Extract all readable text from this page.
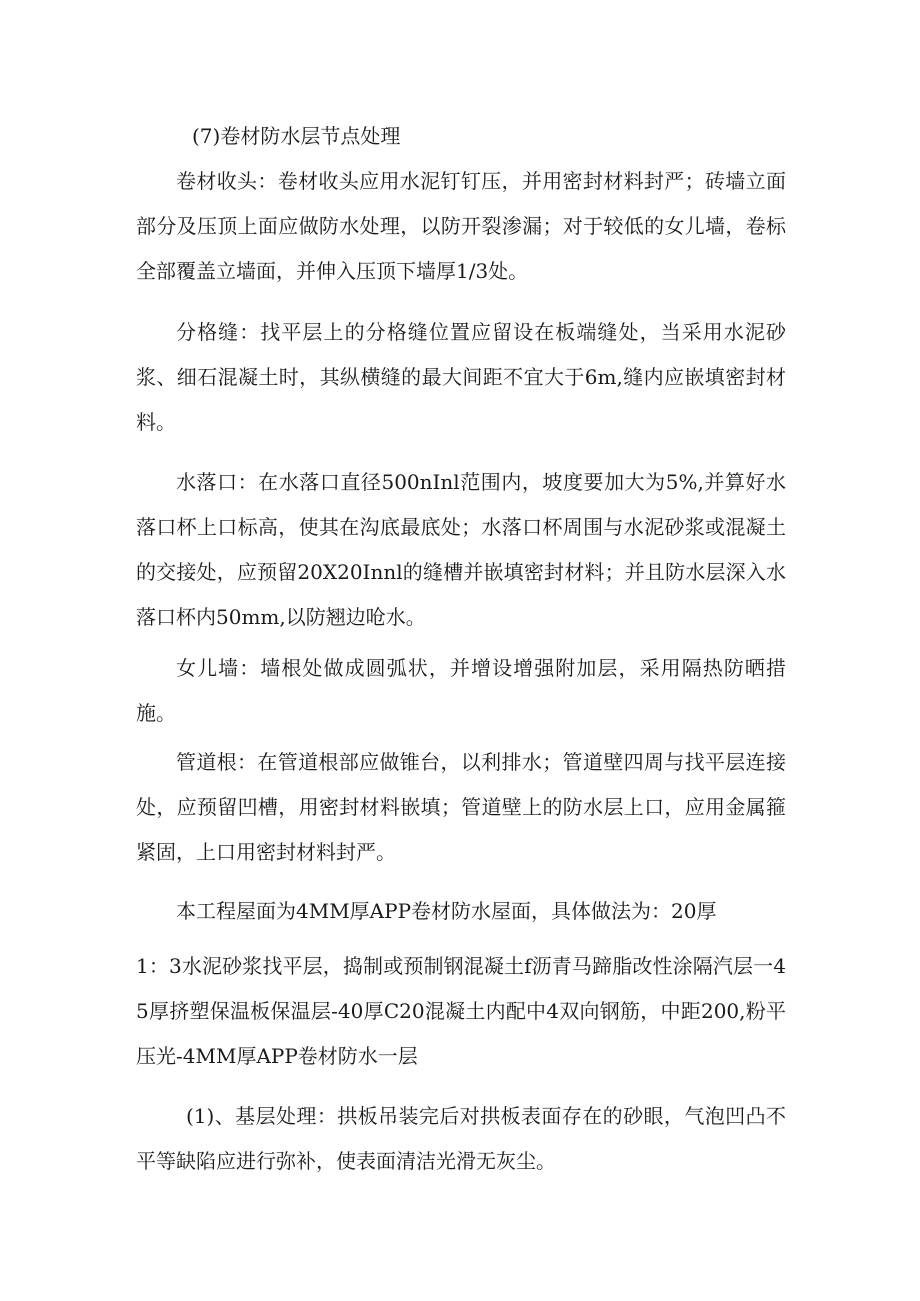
(7)卷材防水层节点处理

卷材收头：卷材收头应用水泥钉钉压，并用密封材料封严；砖墙立面部分及压顶上面应做防水处理，以防开裂渗漏；对于较低的女儿墙，卷标全部覆盖立墙面，并伸入压顶下墙厚1/3处。

分格缝：找平层上的分格缝位置应留设在板端缝处，当采用水泥砂浆、细石混凝土时，其纵横缝的最大间距不宜大于6m,缝内应嵌填密封材料。

水落口：在水落口直径500nInl范围内，坡度要加大为5%,并算好水落口杯上口标高，使其在沟底最底处；水落口杯周围与水泥砂浆或混凝土的交接处，应预留20X20Innl的缝槽并嵌填密封材料；并且防水层深入水落口杯内50mm,以防翘边呛水。

女儿墙：墙根处做成圆弧状，并增设增强附加层，采用隔热防晒措施。

管道根：在管道根部应做锥台，以利排水；管道壁四周与找平层连接处，应预留凹槽，用密封材料嵌填；管道壁上的防水层上口，应用金属箍紧固，上口用密封材料封严。

本工程屋面为4MM厚APP卷材防水屋面，具体做法为：20厚

1：3水泥砂浆找平层，捣制或预制钢混凝土f沥青马蹄脂改性涂隔汽层一45厚挤塑保温板保温层-40厚C20混凝土内配中4双向钢筋，中距200,粉平压光-4MM厚APP卷材防水一层

(1)、基层处理：拱板吊装完后对拱板表面存在的砂眼，气泡凹凸不平等缺陷应进行弥补，使表面清洁光滑无灰尘。
